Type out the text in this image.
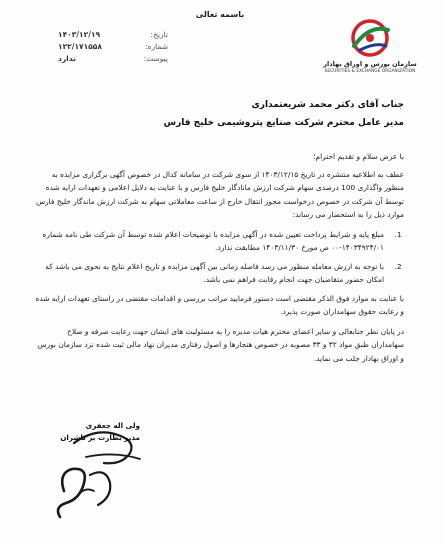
باسمه تعالی
تاریخ:
۱۴۰۳/۱۲/۱۹
شماره:
۱۲۲/۱۷۱۵۵۸
پیوست:
ندارد
سازمان بورس و اوراق بهادار
SECURITIES & EXCHANGE ORGANIZATION
جناب آقای دکتر محمد شریعتمداری
مدیر عامل محترم شرکت صنایع پتروشیمی خلیج فارس
با عرض سلام و تقدیم احترام؛

عطف به اطلاعیه منتشره در تاریخ ۱۴۰۳/۱۲/۱۵ از سوی شرکت در سامانه کدال در خصوص آگهی برگزاری مزایده به منظور واگذاری 100 درصدی سهام شرکت ارزش مانادگار خلیج فارس و با عنایت به دلایل اعلامی و تعهدات ارایه شده توسط آن شرکت در خصوص درخواست مجوز انتقال خارج از ساعت معاملاتی سهام به شرکت ارزش ماندگار خلیج فارس موارد ذیل را به استحضار می رساند:

1.
مبلغ پایه و شرایط پرداخت تعیین شده در آگهی مزایده با توضیحات اعلام شده توسط آن شرکت طی نامه شماره ۱۴۰۳۴۹۲۴/۰۱-۰۰ ص مورخ ۱۴۰۳/۱۱/۳۰ مطابقت ندارد.
2.
با توجه به ارزش معامله منظور می رسد فاصله زمانی بین آگهی مزایده و تاریخ اعلام نتایج به نحوی می باشد که امکان حضور متقاضیان جهت انجام رقابت فراهم نمی باشد.

با عنایت به موارد فوق الذکر مقتضی است دستور فرمایید مراتب بررسی و اقدامات مقتضی در راستای تعهدات ارایه شده و رعایت حقوق سهامداران صورت پذیرد.

در پایان نظر جنابعالی و سایر اعضای محترم هیات مدیره را به مسئولیت های ایشان جهت رعایت صرفه و صلاح سهامداران طبق مواد ۳۲ و ۳۳ مصوبه در خصوص هنجارها و اصول رفتاری مدیران نهاد مالی ثبت شده نزد سازمان بورس و اوراق بهادار جلب می نماید.

ولی اله جعفری
مدیر نظارت بر ناشران
